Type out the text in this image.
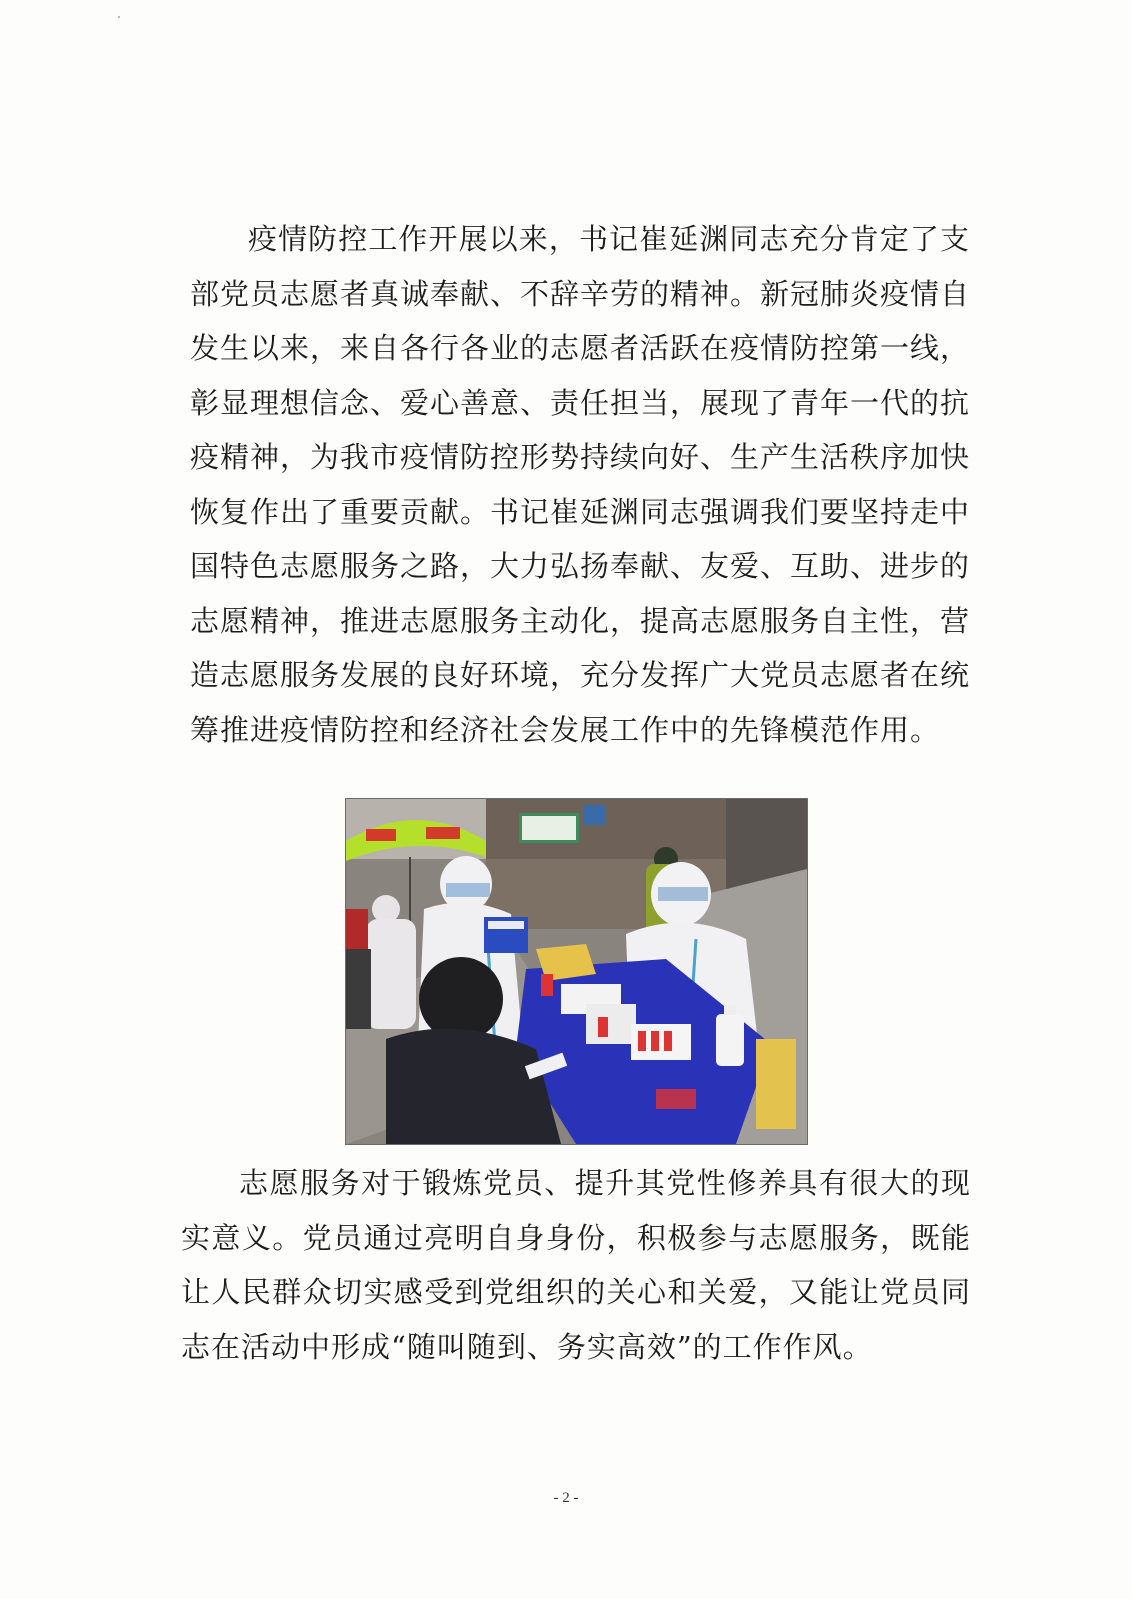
疫情防控工作开展以来，书记崔延渊同志充分肯定了支部党员志愿者真诚奉献、不辞辛劳的精神。新冠肺炎疫情自发生以来，来自各行各业的志愿者活跃在疫情防控第一线，彰显理想信念、爱心善意、责任担当，展现了青年一代的抗疫精神，为我市疫情防控形势持续向好、生产生活秩序加快恢复作出了重要贡献。书记崔延渊同志强调我们要坚持走中国特色志愿服务之路，大力弘扬奉献、友爱、互助、进步的志愿精神，推进志愿服务主动化，提高志愿服务自主性，营造志愿服务发展的良好环境，充分发挥广大党员志愿者在统筹推进疫情防控和经济社会发展工作中的先锋模范作用。

志愿服务对于锻炼党员、提升其党性修养具有很大的现实意义。党员通过亮明自身身份，积极参与志愿服务，既能让人民群众切实感受到党组织的关心和关爱，又能让党员同志在活动中形成“随叫随到、务实高效”的工作作风。

- 2 -
